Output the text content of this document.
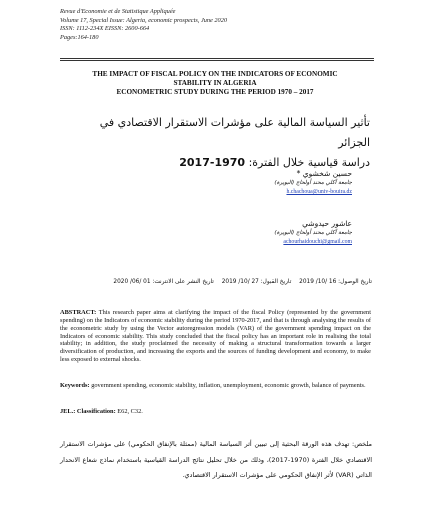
Revue d'Economie et de Statistique Appliquée
Volume 17, Special Issue: Algeria, economic prospects, June 2020
ISSN: 1112-234X EISSN: 2600-664
Pages:164-180
THE IMPACT OF FISCAL POLICY ON THE INDICATORS OF ECONOMIC
STABILITY IN ALGERIA
ECONOMETRIC STUDY DURING THE PERIOD 1970 – 2017
تأثير السياسة المالية على مؤشرات الاستقرار الاقتصادي في الجزائر
دراسة قياسية خلال الفترة: 1970-2017
حسين شخشوي *
جامعة آكلي محند أولحاج (البويرة)
h.chachoua@univ-bouira.dz
عاشور حيدوشي
جامعة آكلي محند أولحاج (البويرة)
achourhaidouchi@gmail.com
تاريخ الوصول: 16 /10/ 2019 تاريخ القبول: 27 /10/ 2019 تاريخ النشر على الانترنت: 01 /06/ 2020
ABSTRACT: This research paper aims at clarifying the impact of the fiscal Policy (represented by the government spending) on the Indicators of economic stability during the period 1970-2017, and that is through analysing the results of the econometric study by using the Vector autoregression models (VAR) of the government spending impact on the Indicators of economic stability. This study concluded that the fiscal policy has an important role in realising the total stability; in addition, the study proclaimed the necessity of making a structural transformation towards a larger diversification of production, and increasing the exports and the sources of funding development and economy, to make less exposed to external shocks.
Keywords: government spending, economic stability, inflation, unemployment, economic growth, balance of payments.
JEL.: Classification: E62, C32.
ملخص: تهدف هذه الورقة البحثية إلى تبيين أثر السياسة المالية (ممثلة بالإنفاق الحكومي) على مؤشرات الاستقرار الاقتصادي خلال الفترة (1970-2017)، وذلك من خلال تحليل نتائج الدراسة القياسية باستخدام نماذج شعاع الانحدار الذاتي (VAR) لأثر الإنفاق الحكومي على مؤشرات الاستقرار الاقتصادي.
